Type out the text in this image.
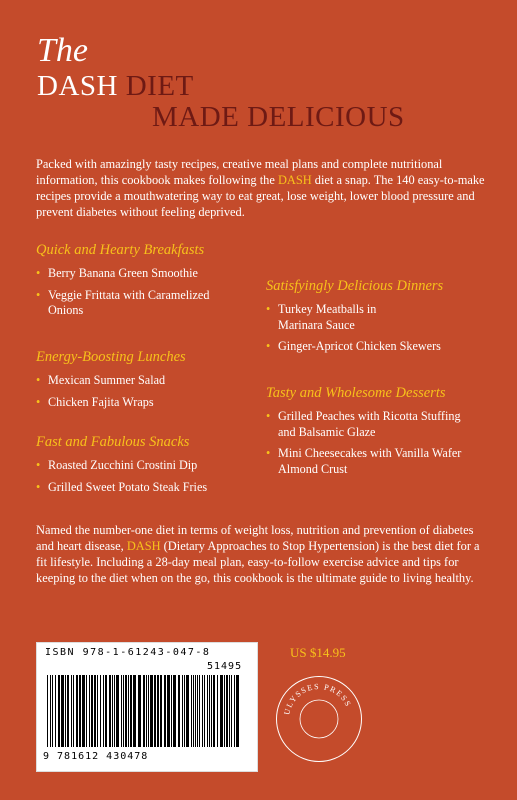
The
DASH DIET
MADE DELICIOUS
Packed with amazingly tasty recipes, creative meal plans and complete nutritional information, this cookbook makes following the DASH diet a snap. The 140 easy-to-make recipes provide a mouthwatering way to eat great, lose weight, lower blood pressure and prevent diabetes without feeling deprived.
Quick and Hearty Breakfasts
• Berry Banana Green Smoothie
• Veggie Frittata with Caramelized Onions
Energy-Boosting Lunches
• Mexican Summer Salad
• Chicken Fajita Wraps
Fast and Fabulous Snacks
• Roasted Zucchini Crostini Dip
• Grilled Sweet Potato Steak Fries
Satisfyingly Delicious Dinners
• Turkey Meatballs in Marinara Sauce
• Ginger-Apricot Chicken Skewers
Tasty and Wholesome Desserts
• Grilled Peaches with Ricotta Stuffing and Balsamic Glaze
• Mini Cheesecakes with Vanilla Wafer Almond Crust
Named the number-one diet in terms of weight loss, nutrition and prevention of diabetes and heart disease, DASH (Dietary Approaches to Stop Hypertension) is the best diet for a fit lifestyle. Including a 28-day meal plan, easy-to-follow exercise advice and tips for keeping to the diet when on the go, this cookbook is the ultimate guide to living healthy.
US $14.95
ISBN 978-1-61243-047-8
51495
9 781612 430478
ULYSSES PRESS
